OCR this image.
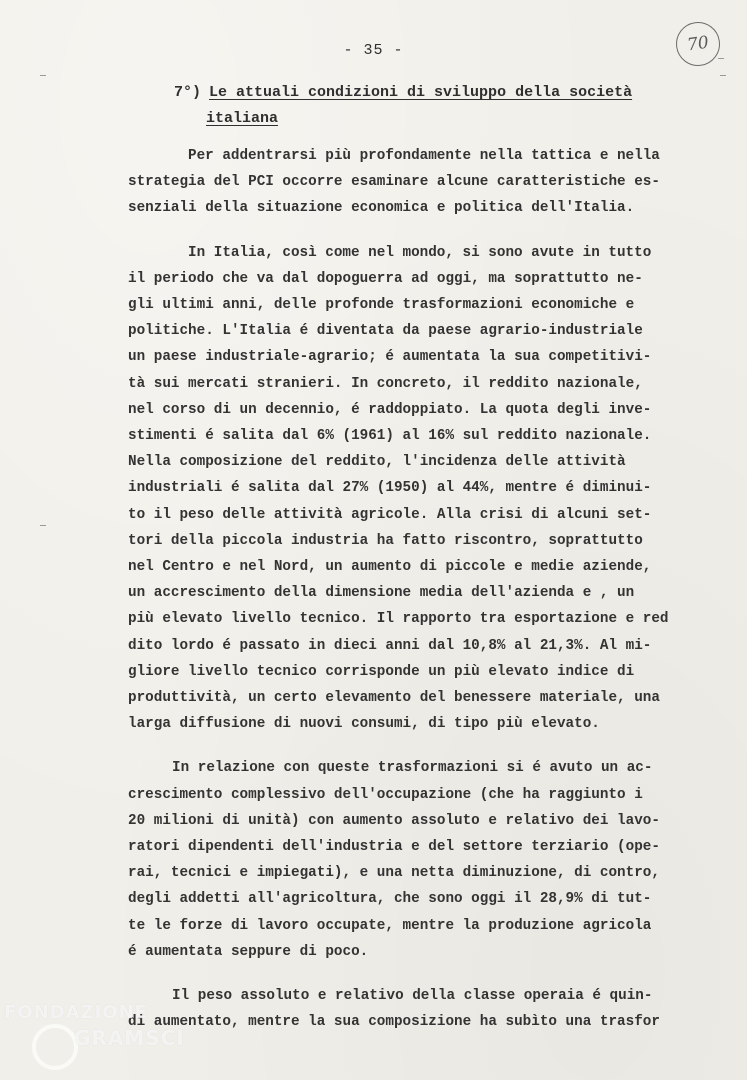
- 35 -	70
7°) Le attuali condizioni di sviluppo della società
italiana
Per addentrarsi più profondamente nella tattica e nella
strategia del PCI occorre esaminare alcune caratteristiche es-
senziali della situazione economica e politica dell'Italia.
In Italia, così come nel mondo, si sono avute in tutto
il periodo che va dal dopoguerra ad oggi, ma soprattutto ne-
gli ultimi anni, delle profonde trasformazioni economiche e
politiche. L'Italia é diventata da paese agrario-industriale
un paese industriale-agrario; é aumentata la sua competitivi-
tà sui mercati stranieri. In concreto, il reddito nazionale,
nel corso di un decennio, é raddoppiato. La quota degli inve-
stimenti é salita dal 6% (1961) al 16% sul reddito nazionale.
Nella composizione del reddito, l'incidenza delle attività
industriali é salita dal 27% (1950) al 44%, mentre é diminui-
to il peso delle attività agricole. Alla crisi di alcuni set-
tori della piccola industria ha fatto riscontro, soprattutto
nel Centro e nel Nord, un aumento di piccole e medie aziende,
un accrescimento della dimensione media dell'azienda e , un
più elevato livello tecnico. Il rapporto tra esportazione e red
dito lordo é passato in dieci anni dal 10,8% al 21,3%. Al mi-
gliore livello tecnico corrisponde un più elevato indice di
produttività, un certo elevamento del benessere materiale, una
larga diffusione di nuovi consumi, di tipo più elevato.
In relazione con queste trasformazioni si é avuto un ac-
crescimento complessivo dell'occupazione (che ha raggiunto i
20 milioni di unità) con aumento assoluto e relativo dei lavo-
ratori dipendenti dell'industria e del settore terziario (ope-
rai, tecnici e impiegati), e una netta diminuzione, di contro,
degli addetti all'agricoltura, che sono oggi il 28,9% di tut-
te le forze di lavoro occupate, mentre la produzione agricola
é aumentata seppure di poco.
Il peso assoluto e relativo della classe operaia é quin-
di aumentato, mentre la sua composizione ha subìto una trasfor
FONDAZIONE
GRAMSCI
